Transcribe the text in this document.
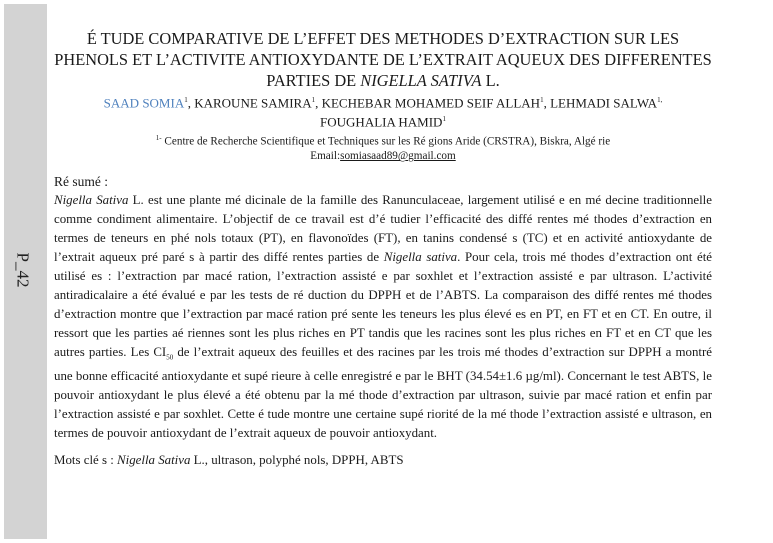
P_42
É TUDE COMPARATIVE DE L’EFFET DES METHODES D’EXTRACTION SUR LES PHENOLS ET L’ACTIVITE ANTIOXYDANTE DE L’EXTRAIT AQUEUX DES DIFFERENTES PARTIES DE NIGELLA SATIVA L.
SAAD SOMIA$^1$, KAROUNE SAMIRA$^1$, KECHEBAR MOHAMED SEIF ALLAH$^1$, LEHMADI $SALWA^{1,}$
FOUGHALIA HAMID$^1$
$^{1-}$ Centre de Recherche Scientifique et Techniques sur les Ré gions Aride (CRSTRA), Biskra, Algé rie
Email:somiasaad89@gmail.com
Ré sumé :

Nigella Sativa L. est une plante mé dicinale de la famille des Ranunculaceae, largement utilisé e en mé decine traditionnelle comme condiment alimentaire. L’objectif de ce travail est d’é tudier l’efficacité des diffé rentes mé thodes d’extraction en termes de teneurs en phé nols totaux (PT), en flavonoïdes (FT), en tanins condensé s (TC) et en activité antioxydante de l’extrait aqueux pré paré s à partir des diffé rentes parties de Nigella sativa. Pour cela, trois mé thodes d’extraction ont été utilisé es : l’extraction par macé ration, l’extraction assisté e par soxhlet et l’extraction assisté e par ultrason. L’activité antiradicalaire a été évalué e par les tests de ré duction du DPPH et de l’ABTS. La comparaison des diffé rentes mé thodes d’extraction montre que l’extraction par macé ration pré sente les teneurs les plus élevé es en PT, en FT et en CT. En outre, il ressort que les parties aé riennes sont les plus riches en PT tandis que les racines sont les plus riches en FT et en CT que les autres parties. Les $CI_{50}$ de l’extrait aqueux des feuilles et des racines par les trois mé thodes d’extraction sur DPPH a montré une bonne efficacité antioxydante et supé rieure à celle enregistré e par le BHT (34.54±1.6 µg/ml). Concernant le test ABTS, le pouvoir antioxydant le plus élevé a été obtenu par la mé thode d’extraction par ultrason, suivie par macé ration et enfin par l’extraction assisté e par soxhlet. Cette é tude montre une certaine supé riorité de la mé thode l’extraction assisté e ultrason, en termes de pouvoir antioxydant de l’extrait aqueux de pouvoir antioxydant.

Mots clé s : Nigella Sativa L., ultrason, polyphé nols, DPPH, ABTS
